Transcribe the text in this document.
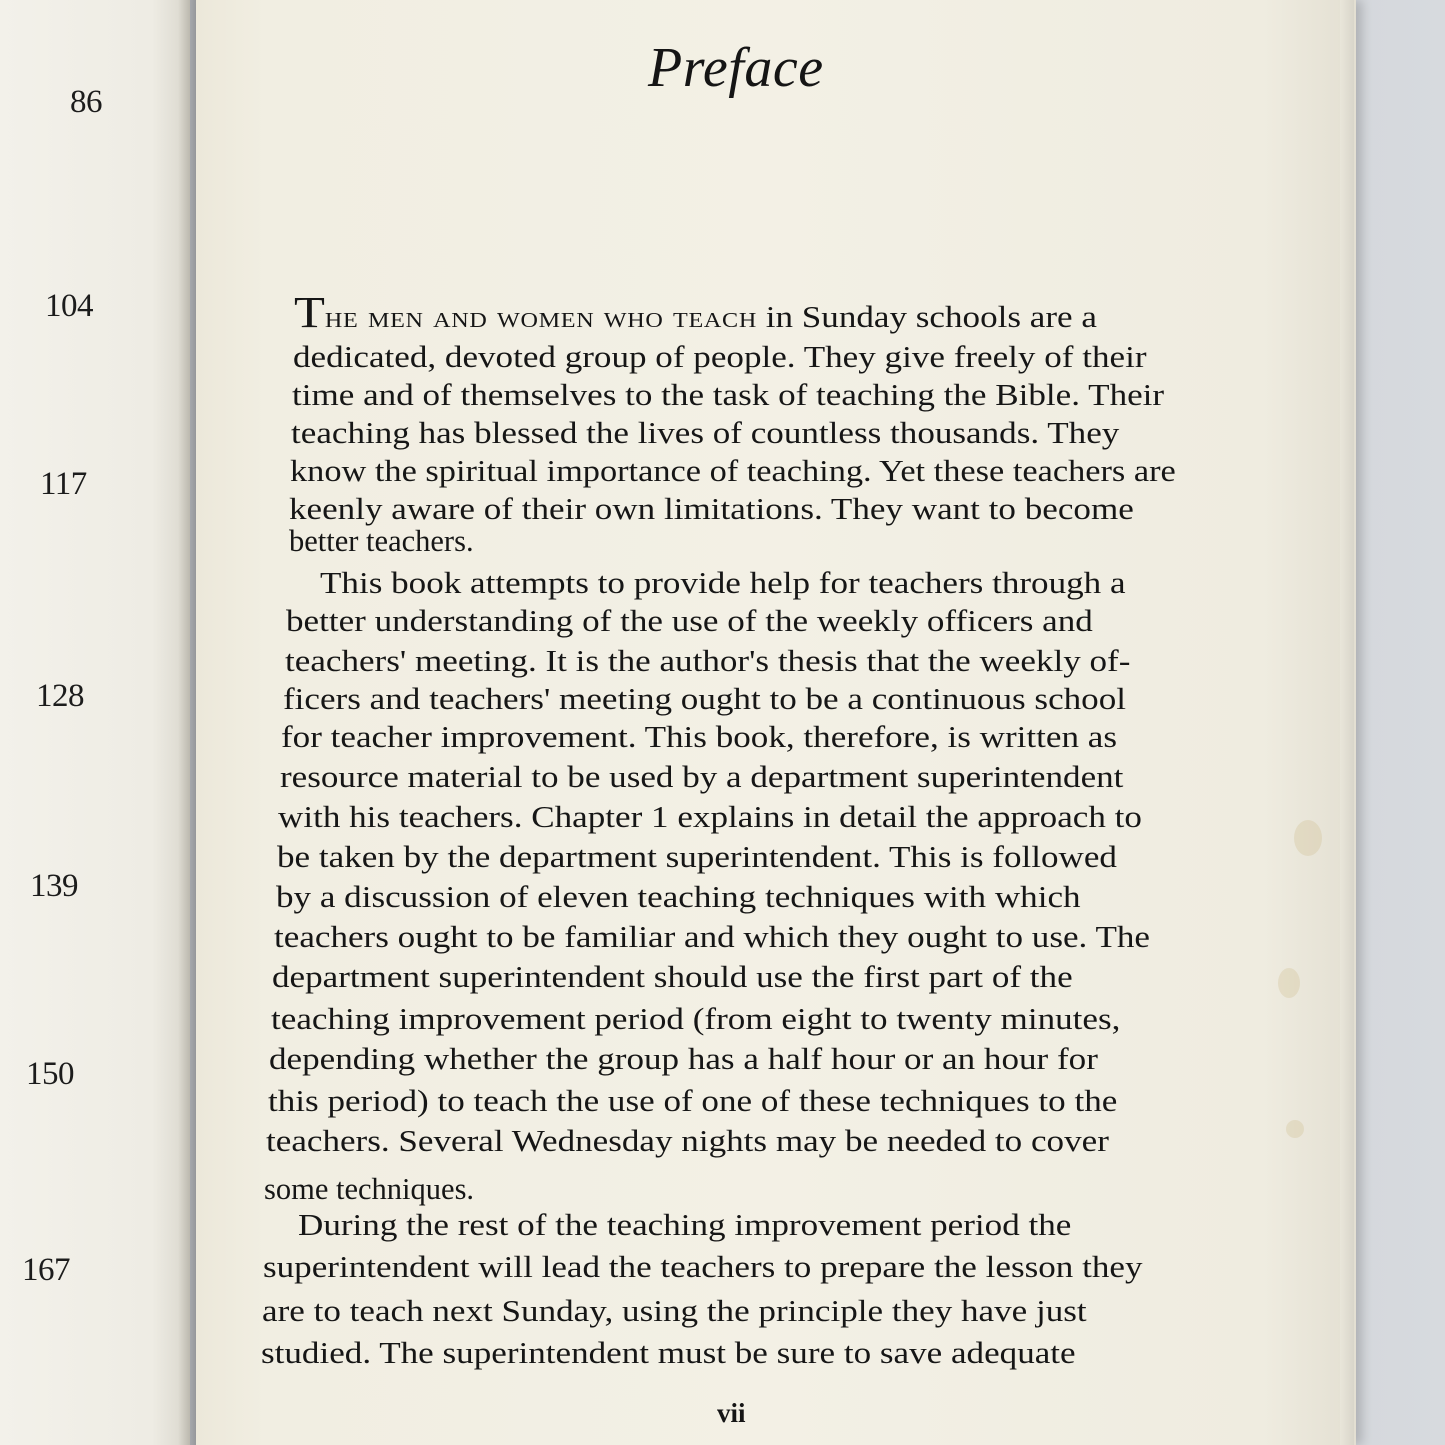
86
104
117
128
139
150
167
Preface
The men and women who teach in Sunday schools are a
dedicated, devoted group of people. They give freely of their
time and of themselves to the task of teaching the Bible. Their
teaching has blessed the lives of countless thousands. They
know the spiritual importance of teaching. Yet these teachers are
keenly aware of their own limitations. They want to become
better teachers.
This book attempts to provide help for teachers through a
better understanding of the use of the weekly officers and
teachers' meeting. It is the author's thesis that the weekly of-
ficers and teachers' meeting ought to be a continuous school
for teacher improvement. This book, therefore, is written as
resource material to be used by a department superintendent
with his teachers. Chapter 1 explains in detail the approach to
be taken by the department superintendent. This is followed
by a discussion of eleven teaching techniques with which
teachers ought to be familiar and which they ought to use. The
department superintendent should use the first part of the
teaching improvement period (from eight to twenty minutes,
depending whether the group has a half hour or an hour for
this period) to teach the use of one of these techniques to the
teachers. Several Wednesday nights may be needed to cover
some techniques.
During the rest of the teaching improvement period the
superintendent will lead the teachers to prepare the lesson they
are to teach next Sunday, using the principle they have just
studied. The superintendent must be sure to save adequate
vii
